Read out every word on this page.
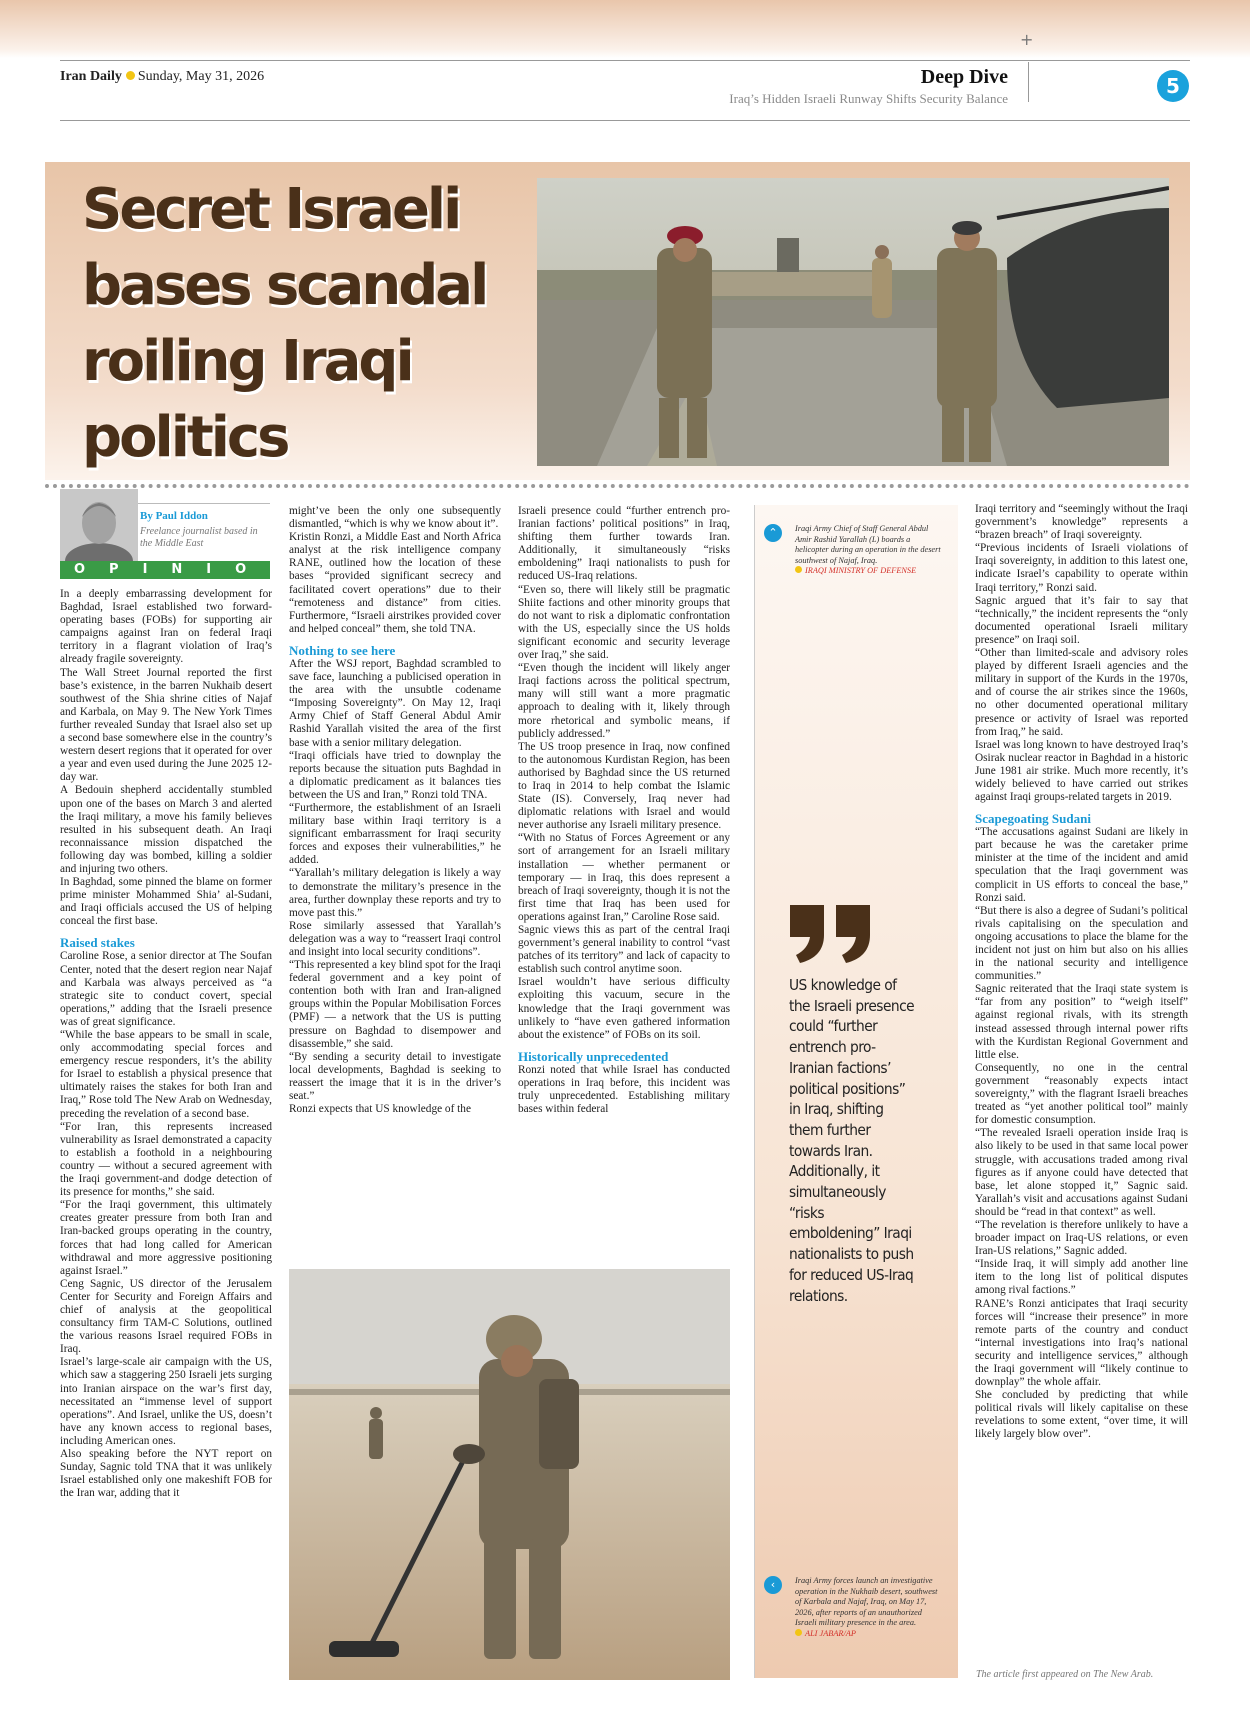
+
Iran Daily Sunday, May 31, 2026	Deep Dive
Iraq’s Hidden Israeli Runway Shifts Security Balance
5
Secret Israeli bases scandal roiling Iraqi politics
By Paul Iddon
Freelance journalist based in the Middle East
OPINION

In a deeply embarrassing development for Baghdad, Israel established two forward-operating bases (FOBs) for supporting air campaigns against Iran on federal Iraqi territory in a flagrant violation of Iraq’s already fragile sovereignty.

The Wall Street Journal reported the first base’s existence, in the barren Nukhaib desert southwest of the Shia shrine cities of Najaf and Karbala, on May 9. The New York Times further revealed Sunday that Israel also set up a second base somewhere else in the country’s western desert regions that it operated for over a year and even used during the June 2025 12-day war.

A Bedouin shepherd accidentally stumbled upon one of the bases on March 3 and alerted the Iraqi military, a move his family believes resulted in his subsequent death. An Iraqi reconnaissance mission dispatched the following day was bombed, killing a soldier and injuring two others.

In Baghdad, some pinned the blame on former prime minister Mohammed Shia’ al-Sudani, and Iraqi officials accused the US of helping conceal the first base.

Raised stakes

Caroline Rose, a senior director at The Soufan Center, noted that the desert region near Najaf and Karbala was always perceived as “a strategic site to conduct covert, special operations,” adding that the Israeli presence was of great significance.

“While the base appears to be small in scale, only accommodating special forces and emergency rescue responders, it’s the ability for Israel to establish a physical presence that ultimately raises the stakes for both Iran and Iraq,” Rose told The New Arab on Wednesday, preceding the revelation of a second base.

“For Iran, this represents increased vulnerability as Israel demonstrated a capacity to establish a foothold in a neighbouring country — without a secured agreement with the Iraqi government-and dodge detection of its presence for months,” she said.

“For the Iraqi government, this ultimately creates greater pressure from both Iran and Iran-backed groups operating in the country, forces that had long called for American withdrawal and more aggressive positioning against Israel.”

Ceng Sagnic, US director of the Jerusalem Center for Security and Foreign Affairs and chief of analysis at the geopolitical consultancy firm TAM-C Solutions, outlined the various reasons Israel required FOBs in Iraq.

Israel’s large-scale air campaign with the US, which saw a staggering 250 Israeli jets surging into Iranian airspace on the war’s first day, necessitated an “immense level of support operations”. And Israel, unlike the US, doesn’t have any known access to regional bases, including American ones.

Also speaking before the NYT report on Sunday, Sagnic told TNA that it was unlikely Israel established only one makeshift FOB for the Iran war, adding that it

might’ve been the only one subsequently dismantled, “which is why we know about it”.

Kristin Ronzi, a Middle East and North Africa analyst at the risk intelligence company RANE, outlined how the location of these bases “provided significant secrecy and facilitated covert operations” due to their “remoteness and distance” from cities. Furthermore, “Israeli airstrikes provided cover and helped conceal” them, she told TNA.

Nothing to see here

After the WSJ report, Baghdad scrambled to save face, launching a publicised operation in the area with the unsubtle codename “Imposing Sovereignty”. On May 12, Iraqi Army Chief of Staff General Abdul Amir Rashid Yarallah visited the area of the first base with a senior military delegation.

“Iraqi officials have tried to downplay the reports because the situation puts Baghdad in a diplomatic predicament as it balances ties between the US and Iran,” Ronzi told TNA.

“Furthermore, the establishment of an Israeli military base within Iraqi territory is a significant embarrassment for Iraqi security forces and exposes their vulnerabilities,” he added.

“Yarallah’s military delegation is likely a way to demonstrate the military’s presence in the area, further downplay these reports and try to move past this.”

Rose similarly assessed that Yarallah’s delegation was a way to “reassert Iraqi control and insight into local security conditions”.

“This represented a key blind spot for the Iraqi federal government and a key point of contention both with Iran and Iran-aligned groups within the Popular Mobilisation Forces (PMF) — a network that the US is putting pressure on Baghdad to disempower and disassemble,” she said.

“By sending a security detail to investigate local developments, Baghdad is seeking to reassert the image that it is in the driver’s seat.”

Ronzi expects that US knowledge of the

Israeli presence could “further entrench pro-Iranian factions’ political positions” in Iraq, shifting them further towards Iran. Additionally, it simultaneously “risks emboldening” Iraqi nationalists to push for reduced US-Iraq relations.

“Even so, there will likely still be pragmatic Shiite factions and other minority groups that do not want to risk a diplomatic confrontation with the US, especially since the US holds significant economic and security leverage over Iraq,” she said.

“Even though the incident will likely anger Iraqi factions across the political spectrum, many will still want a more pragmatic approach to dealing with it, likely through more rhetorical and symbolic means, if publicly addressed.”

The US troop presence in Iraq, now confined to the autonomous Kurdistan Region, has been authorised by Baghdad since the US returned to Iraq in 2014 to help combat the Islamic State (IS). Conversely, Iraq never had diplomatic relations with Israel and would never authorise any Israeli military presence.

“With no Status of Forces Agreement or any sort of arrangement for an Israeli military installation — whether permanent or temporary — in Iraq, this does represent a breach of Iraqi sovereignty, though it is not the first time that Iraq has been used for operations against Iran,” Caroline Rose said.

Sagnic views this as part of the central Iraqi government’s general inability to control “vast patches of its territory” and lack of capacity to establish such control anytime soon.

Israel wouldn’t have serious difficulty exploiting this vacuum, secure in the knowledge that the Iraqi government was unlikely to “have even gathered information about the existence” of FOBs on its soil.

Historically unprecedented

Ronzi noted that while Israel has conducted operations in Iraq before, this incident was truly unprecedented. Establishing military bases within federal

⌃	Iraqi Army Chief of Staff General Abdul Amir Rashid Yarallah (L) boards a helicopter during an operation in the desert southwest of Najaf, Iraq.
IRAQI MINISTRY OF DEFENSE
US knowledge of the Israeli presence could “further entrench pro-Iranian factions’ political positions” in Iraq, shifting them further towards Iran. Additionally, it simultaneously “risks emboldening” Iraqi nationalists to push for reduced US-Iraq relations.
‹	Iraqi Army forces launch an investigative operation in the Nukhaib desert, southwest of Karbala and Najaf, Iraq, on May 17, 2026, after reports of an unauthorized Israeli military presence in the area.
ALI JABAR/AP

Iraqi territory and “seemingly without the Iraqi government’s knowledge” represents a “brazen breach” of Iraqi sovereignty.

“Previous incidents of Israeli violations of Iraqi sovereignty, in addition to this latest one, indicate Israel’s capability to operate within Iraqi territory,” Ronzi said.

Sagnic argued that it’s fair to say that “technically,” the incident represents the “only documented operational Israeli military presence” on Iraqi soil.

“Other than limited-scale and advisory roles played by different Israeli agencies and the military in support of the Kurds in the 1970s, and of course the air strikes since the 1960s, no other documented operational military presence or activity of Israel was reported from Iraq,” he said.

Israel was long known to have destroyed Iraq’s Osirak nuclear reactor in Baghdad in a historic June 1981 air strike. Much more recently, it’s widely believed to have carried out strikes against Iraqi groups-related targets in 2019.

Scapegoating Sudani

“The accusations against Sudani are likely in part because he was the caretaker prime minister at the time of the incident and amid speculation that the Iraqi government was complicit in US efforts to conceal the base,” Ronzi said.

“But there is also a degree of Sudani’s political rivals capitalising on the speculation and ongoing accusations to place the blame for the incident not just on him but also on his allies in the national security and intelligence communities.”

Sagnic reiterated that the Iraqi state system is “far from any position” to “weigh itself” against regional rivals, with its strength instead assessed through internal power rifts with the Kurdistan Regional Government and little else.

Consequently, no one in the central government “reasonably expects intact sovereignty,” with the flagrant Israeli breaches treated as “yet another political tool” mainly for domestic consumption.

“The revealed Israeli operation inside Iraq is also likely to be used in that same local power struggle, with accusations traded among rival figures as if anyone could have detected that base, let alone stopped it,” Sagnic said. Yarallah’s visit and accusations against Sudani should be “read in that context” as well.

“The revelation is therefore unlikely to have a broader impact on Iraq-US relations, or even Iran-US relations,” Sagnic added.

“Inside Iraq, it will simply add another line item to the long list of political disputes among rival factions.”

RANE’s Ronzi anticipates that Iraqi security forces will “increase their presence” in more remote parts of the country and conduct “internal investigations into Iraq’s national security and intelligence services,” although the Iraqi government will “likely continue to downplay” the whole affair.

She concluded by predicting that while political rivals will likely capitalise on these revelations to some extent, “over time, it will likely largely blow over”.

The article first appeared on The New Arab.
